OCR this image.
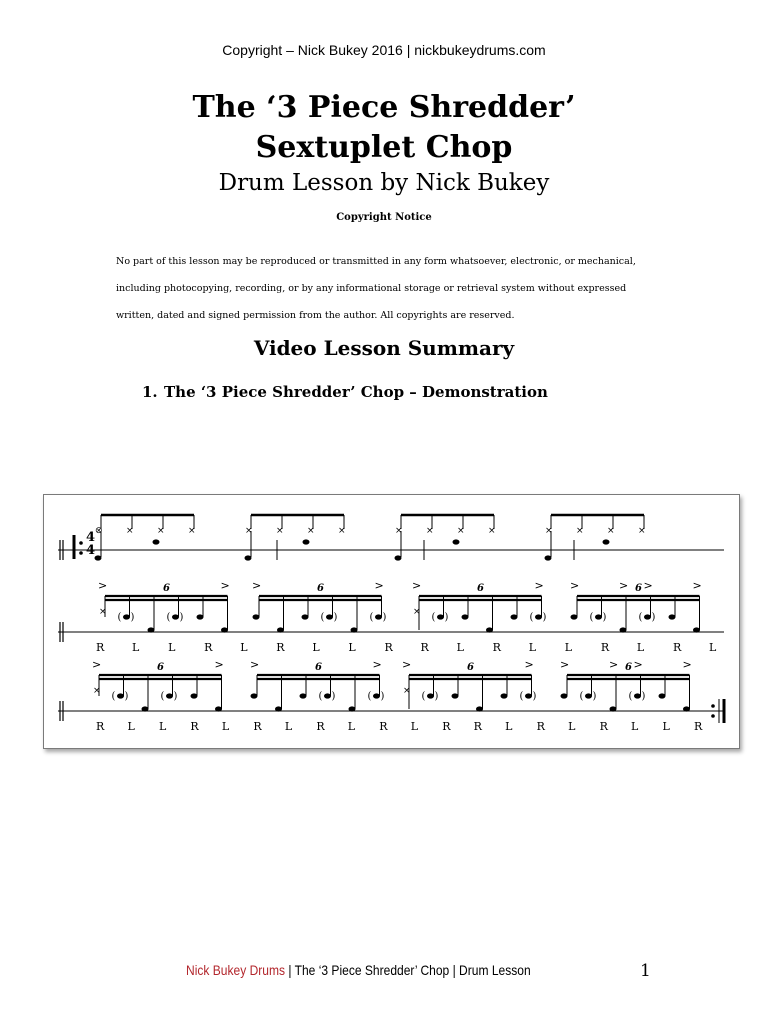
Copyright – Nick Bukey 2016 | nickbukeydrums.com
The ‘3 Piece Shredder’
Sextuplet Chop
Drum Lesson by Nick Bukey
Copyright Notice
No part of this lesson may be reproduced or transmitted in any form whatsoever, electronic, or mechanical,
including photocopying, recording, or by any informational storage or retrieval system without expressed
written, dated and signed permission from the author. All copyrights are reserved.
Video Lesson Summary
1. The ‘3 Piece Shredder’ Chop – Demonstration
⊗	×	×	×	×	×	×	×	×	×	×	×	×	×	×	×
6
×
>
( )	( )
>	6
>
( )	( )
>	6
×
>
( )	( )
>	6
>
( )
>
( )
>	>
6
×
>
( )	( )
>	6
>
( )	( )
>	6
×
>
( )	( )
>	6
>
( )
>
( )
>	>
4
4
R	L	L	R	L	R	L	L	R	R	L	R	L	L	R	L	R	L
R L L R L R L R L R L R R L R L R L L R
Nick Bukey Drums | The ‘3 Piece Shredder’ Chop | Drum Lesson	1
